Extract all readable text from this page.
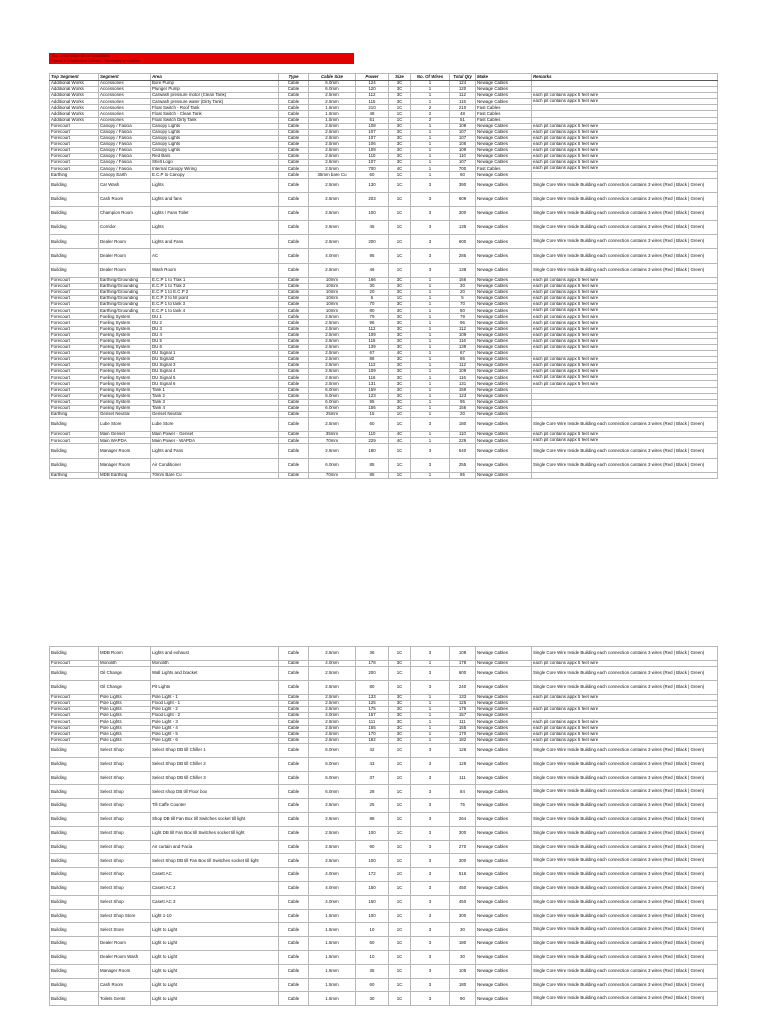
Title Description Bill of Quantities
Power & Distribution Cables - Summary of Cables
Top Segment	Segment	Area	Type	Cable Size	Power	Size	No. Of Wires	Total Qty	Make	Remarks
Additional Works	Accessories	Bore Pump	Cable	6.0mm	124	3C	1	124	Newage Cables	
Additional Works	Accessories	Plunger Pump	Cable	6.0mm	120	3C	1	120	Newage Cables	
Additional Works	Accessories	Carwash pressure motor (Clean Tank)	Cable	2.5mm	112	3C	1	112	Newage Cables	each pit contains appx 5 feet wire
Additional Works	Accessories	Carwash pressure water (Dirty Tank)	Cable	2.5mm	115	3C	1	115	Newage Cables	each pit contains appx 5 feet wire
Additional Works	Accessories	Float Switch - Roof Tank	Cable	1.5mm	210	1C	2	210	Fast Cables	
Additional Works	Accessories	Float Switch - Clean Tank	Cable	1.5mm	48	1C	2	48	Fast Cables	
Additional Works	Accessories	Float Switch Dirty Tank	Cable	1.5mm	51	1C	2	51	Fast Cables	
Forecourt	Canopy / Fascia	Canopy Lights	Cable	2.5mm	108	3C	1	108	Newage Cables	each pit contains appx 5 feet wire
Forecourt	Canopy / Fascia	Canopy Lights	Cable	2.5mm	107	3C	1	107	Newage Cables	each pit contains appx 5 feet wire
Forecourt	Canopy / Fascia	Canopy Lights	Cable	2.5mm	107	3C	1	107	Newage Cables	each pit contains appx 5 feet wire
Forecourt	Canopy / Fascia	Canopy Lights	Cable	2.5mm	106	3C	1	106	Newage Cables	each pit contains appx 5 feet wire
Forecourt	Canopy / Fascia	Canopy Lights	Cable	2.5mm	109	3C	1	109	Newage Cables	each pit contains appx 5 feet wire
Forecourt	Canopy / Fascia	Red Bars	Cable	2.5mm	110	3C	1	110	Newage Cables	each pit contains appx 5 feet wire
Forecourt	Canopy / Fascia	Shell Logo	Cable	2.5mm	107	3C	1	107	Newage Cables	each pit contains appx 5 feet wire
Forecourt	Canopy / Fascia	Internal Canopy Wiring	Cable	2.5mm	700	4C	1	700	Fast Cables	each pit contains appx 5 feet wire
Earthing	Canopy Earth	E.C.P to Canopy	Cable	35mm bare Cu	60	1C	1	60	Newage Cables	
Building	Car Wash	Lights	Cable	2.5mm	130	1C	3	390	Newage Cables	Single Core Wire Inside Building each connection contains 3 wires (Red | Black | Green)
Building	Cash Room	Lights and fans	Cable	2.5mm	203	1C	3	609	Newage Cables	Single Core Wire Inside Building each connection contains 3 wires (Red | Black | Green)
Building	Champion Room	Lights / Fans Toilet	Cable	2.5mm	100	1C	3	300	Newage Cables	Single Core Wire Inside Building each connection contains 3 wires (Red | Black | Green)
Building	Corridor	Lights	Cable	2.5mm	45	1C	3	135	Newage Cables	Single Core Wire Inside Building each connection contains 3 wires (Red | Black | Green)
Building	Dealer Room	Lights and Fans	Cable	2.5mm	200	1C	3	600	Newage Cables	Single Core Wire Inside Building each connection contains 3 wires (Red | Black | Green)
Building	Dealer Room	AC	Cable	4.0mm	95	1C	3	285	Newage Cables	Single Core Wire Inside Building each connection contains 3 wires (Red | Black | Green)
Building	Dealer Room	Wash Room	Cable	2.5mm	46	1C	3	138	Newage Cables	Single Core Wire Inside Building each connection contains 3 wires (Red | Black | Green)
Forecourt	Earthing/Grounding	E.C.P 1 to Trak 1	Cable	10mm	166	3C	1	166	Newage Cables	each pit contains appx 5 feet wire
Forecourt	Earthing/Grounding	E.C.P 1 to Trak 2	Cable	10mm	30	3C	1	30	Newage Cables	each pit contains appx 5 feet wire
Forecourt	Earthing/Grounding	E.C.P 1 to E.C.P 2	Cable	10mm	20	3C	1	20	Newage Cables	each pit contains appx 5 feet wire
Forecourt	Earthing/Grounding	E.C.P 2 to fill point	Cable	10mm	5	1C	1	5	Newage Cables	each pit contains appx 5 feet wire
Forecourt	Earthing/Grounding	E.C.P 1 to tank 3	Cable	10mm	70	3C	1	70	Newage Cables	each pit contains appx 5 feet wire
Forecourt	Earthing/Grounding	E.C.P 1 to tank 4	Cable	10mm	80	3C	1	80	Newage Cables	each pit contains appx 5 feet wire
Forecourt	Fueling System	DU 1	Cable	2.5mm	79	3C	1	79	Newage Cables	each pit contains appx 5 feet wire
Forecourt	Fueling System	DU 2	Cable	2.5mm	96	3C	1	96	Newage Cables	each pit contains appx 5 feet wire
Forecourt	Fueling System	DU 3	Cable	2.5mm	112	3C	1	112	Newage Cables	each pit contains appx 5 feet wire
Forecourt	Fueling System	DU 4	Cable	2.5mm	109	3C	1	109	Newage Cables	each pit contains appx 5 feet wire
Forecourt	Fueling System	DU 5	Cable	2.5mm	116	3C	1	116	Newage Cables	each pit contains appx 5 feet wire
Forecourt	Fueling System	DU 6	Cable	2.5mm	139	3C	1	139	Newage Cables	each pit contains appx 5 feet wire
Forecourt	Fueling System	DU Signal 1	Cable	2.5mm	67	4C	1	67	Newage Cables	
Forecourt	Fueling System	DU Signal2	Cable	2.5mm	86	3C	1	86	Newage Cables	each pit contains appx 5 feet wire
Forecourt	Fueling System	DU Signal 3	Cable	2.5mm	112	3C	1	112	Newage Cables	each pit contains appx 5 feet wire
Forecourt	Fueling System	DU Signal 4	Cable	2.5mm	109	3C	1	109	Newage Cables	each pit contains appx 5 feet wire
Forecourt	Fueling System	DU Signal 5	Cable	2.5mm	116	3C	1	116	Newage Cables	each pit contains appx 5 feet wire
Forecourt	Fueling System	DU Signal 6	Cable	2.5mm	131	3C	1	131	Newage Cables	each pit contains appx 5 feet wire
Forecourt	Fueling System	Tank 1	Cable	6.0mm	159	3C	1	159	Newage Cables	
Forecourt	Fueling System	Tank 2	Cable	6.0mm	123	3C	1	123	Newage Cables	
Forecourt	Fueling System	Tank 3	Cable	6.0mm	95	3C	1	95	Newage Cables	
Forecourt	Fueling System	Tank 4	Cable	6.0mm	156	3C	1	156	Newage Cables	
Earthing	Genset Neutral	Genset Neutral	Cable	25mm	15	1C	1	20	Newage Cables	
Building	Lube Store	Lube Store	Cable	2.5mm	60	1C	3	180	Newage Cables	Single Core Wire Inside Building each connection contains 3 wires (Red | Black | Green)
Forecourt	Main Genset	Main Power - Genset	Cable	35mm	110	4C	1	110	Newage Cables	each pit contains appx 5 feet wire
Forecourt	Main WAPDA	Main Power - WAPDA	Cable	70mm	229	4C	1	229	Newage Cables	each pit contains appx 5 feet wire
Building	Manager Room	Lights and Fans	Cable	2.5mm	180	1C	3	540	Newage Cables	Single Core Wire Inside Building each connection contains 3 wires (Red | Black | Green)
Building	Manager Room	Air Conditioner	Cable	6.0mm	85	1C	3	255	Newage Cables	Single Core Wire Inside Building each connection contains 3 wires (Red | Black | Green)
Earthing	MDB Earthing	70mm Bare Cu	Cable	70mm	85	1C	1	85	Newage Cables	
Building	MDB Room	Lights and exhaust	Cable	2.5mm	36	1C	3	108	Newage Cables	Single Core Wire Inside Building each connection contains 3 wires (Red | Black | Green)
Forecourt	Monolith	Monolith	Cable	4.0mm	178	3C	1	178	Newage Cables	each pit contains appx 5 feet wire
Building	Oil Change	Wall Lights and bracket	Cable	2.5mm	200	1C	3	600	Newage Cables	Single Core Wire Inside Building each connection contains 3 wires (Red | Black | Green)
Building	Oil Change	Pit Lights	Cable	2.5mm	80	1C	3	240	Newage Cables	Single Core Wire Inside Building each connection contains 3 wires (Red | Black | Green)
Forecourt	Pole Lights	Pole Light - 1	Cable	2.5mm	133	3C	1	133	Newage Cables	each pit contains appx 5 feet wire
Forecourt	Pole Lights	Flood Light - 1	Cable	2.5mm	125	3C	1	125	Newage Cables	
Forecourt	Pole Lights	Pole Light - 2	Cable	2.5mm	175	3C	1	175	Newage Cables	each pit contains appx 5 feet wire
Forecourt	Pole Lights	Flood Light - 2	Cable	4.0mm	157	3C	1	157	Newage Cables	
Forecourt	Pole Lights	Pole Light - 3	Cable	2.5mm	111	3C	1	111	Newage Cables	each pit contains appx 5 feet wire
Forecourt	Pole Lights	Pole Light - 4	Cable	2.5mm	155	3C	1	155	Newage Cables	each pit contains appx 5 feet wire
Forecourt	Pole Lights	Pole Light - 5	Cable	2.5mm	170	3C	1	170	Newage Cables	each pit contains appx 5 feet wire
Forecourt	Pole Lights	Pole Light - 6	Cable	2.5mm	182	3C	1	182	Newage Cables	each pit contains appx 5 feet wire
Building	Select Shop	Select Shop DB till Chiller 1	Cable	6.0mm	42	1C	3	126	Newage Cables	Single Core Wire Inside Building each connection contains 3 wires (Red | Black | Green)
Building	Select Shop	Select Shop DB till Chiller 2	Cable	6.0mm	43	1C	3	129	Newage Cables	Single Core Wire Inside Building each connection contains 3 wires (Red | Black | Green)
Building	Select Shop	Select Shop DB till Chiller 3	Cable	6.0mm	37	1C	3	111	Newage Cables	Single Core Wire Inside Building each connection contains 3 wires (Red | Black | Green)
Building	Select Shop	Select shop DB till Floor box	Cable	6.0mm	28	1C	3	84	Newage Cables	Single Core Wire Inside Building each connection contains 3 wires (Red | Black | Green)
Building	Select Shop	Till Caffe Counter	Cable	2.5mm	25	1C	3	75	Newage Cables	Single Core Wire Inside Building each connection contains 3 wires (Red | Black | Green)
Building	Select Shop	Shop DB till Fan Box till Switches socket till light	Cable	2.5mm	88	1C	3	264	Newage Cables	Single Core Wire Inside Building each connection contains 3 wires (Red | Black | Green)
Building	Select Shop	Light DB till Fan Box till Switches socket till light	Cable	2.5mm	100	1C	3	300	Newage Cables	Single Core Wire Inside Building each connection contains 3 wires (Red | Black | Green)
Building	Select Shop	Air curtain and Facia	Cable	2.5mm	90	1C	3	270	Newage Cables	Single Core Wire Inside Building each connection contains 3 wires (Red | Black | Green)
Building	Select Shop	Select Shop DB till Fan Box till Switches socket till light	Cable	2.5mm	100	1C	3	300	Newage Cables	Single Core Wire Inside Building each connection contains 3 wires (Red | Black | Green)
Building	Select Shop	Casett AC	Cable	4.0mm	172	1C	3	516	Newage Cables	Single Core Wire Inside Building each connection contains 3 wires (Red | Black | Green)
Building	Select Shop	Casett AC 2	Cable	4.0mm	150	1C	3	450	Newage Cables	Single Core Wire Inside Building each connection contains 3 wires (Red | Black | Green)
Building	Select Shop	Casett AC 3	Cable	4.0mm	150	1C	3	450	Newage Cables	Single Core Wire Inside Building each connection contains 3 wires (Red | Black | Green)
Building	Select Shop Store	Light 1-10	Cable	1.5mm	100	1C	3	300	Newage Cables	Single Core Wire Inside Building each connection contains 3 wires (Red | Black | Green)
Building	Select Store	Light to Light	Cable	1.5mm	10	1C	3	30	Newage Cables	Single Core Wire Inside Building each connection contains 3 wires (Red | Black | Green)
Building	Dealer Room	Light to Light	Cable	1.5mm	60	1C	3	180	Newage Cables	Single Core Wire Inside Building each connection contains 3 wires (Red | Black | Green)
Building	Dealer Room Wash	Light to Light	Cable	1.5mm	10	1C	3	30	Newage Cables	Single Core Wire Inside Building each connection contains 3 wires (Red | Black | Green)
Building	Manager Room	Light to Light	Cable	1.5mm	35	1C	3	105	Newage Cables	Single Core Wire Inside Building each connection contains 3 wires (Red | Black | Green)
Building	Cash Room	Light to Light	Cable	1.5mm	60	1C	3	180	Newage Cables	Single Core Wire Inside Building each connection contains 3 wires (Red | Black | Green)
Building	Toilets Gents	Light to Light	Cable	1.5mm	30	1C	3	90	Newage Cables	Single Core Wire Inside Building each connection contains 3 wires (Red | Black | Green)
